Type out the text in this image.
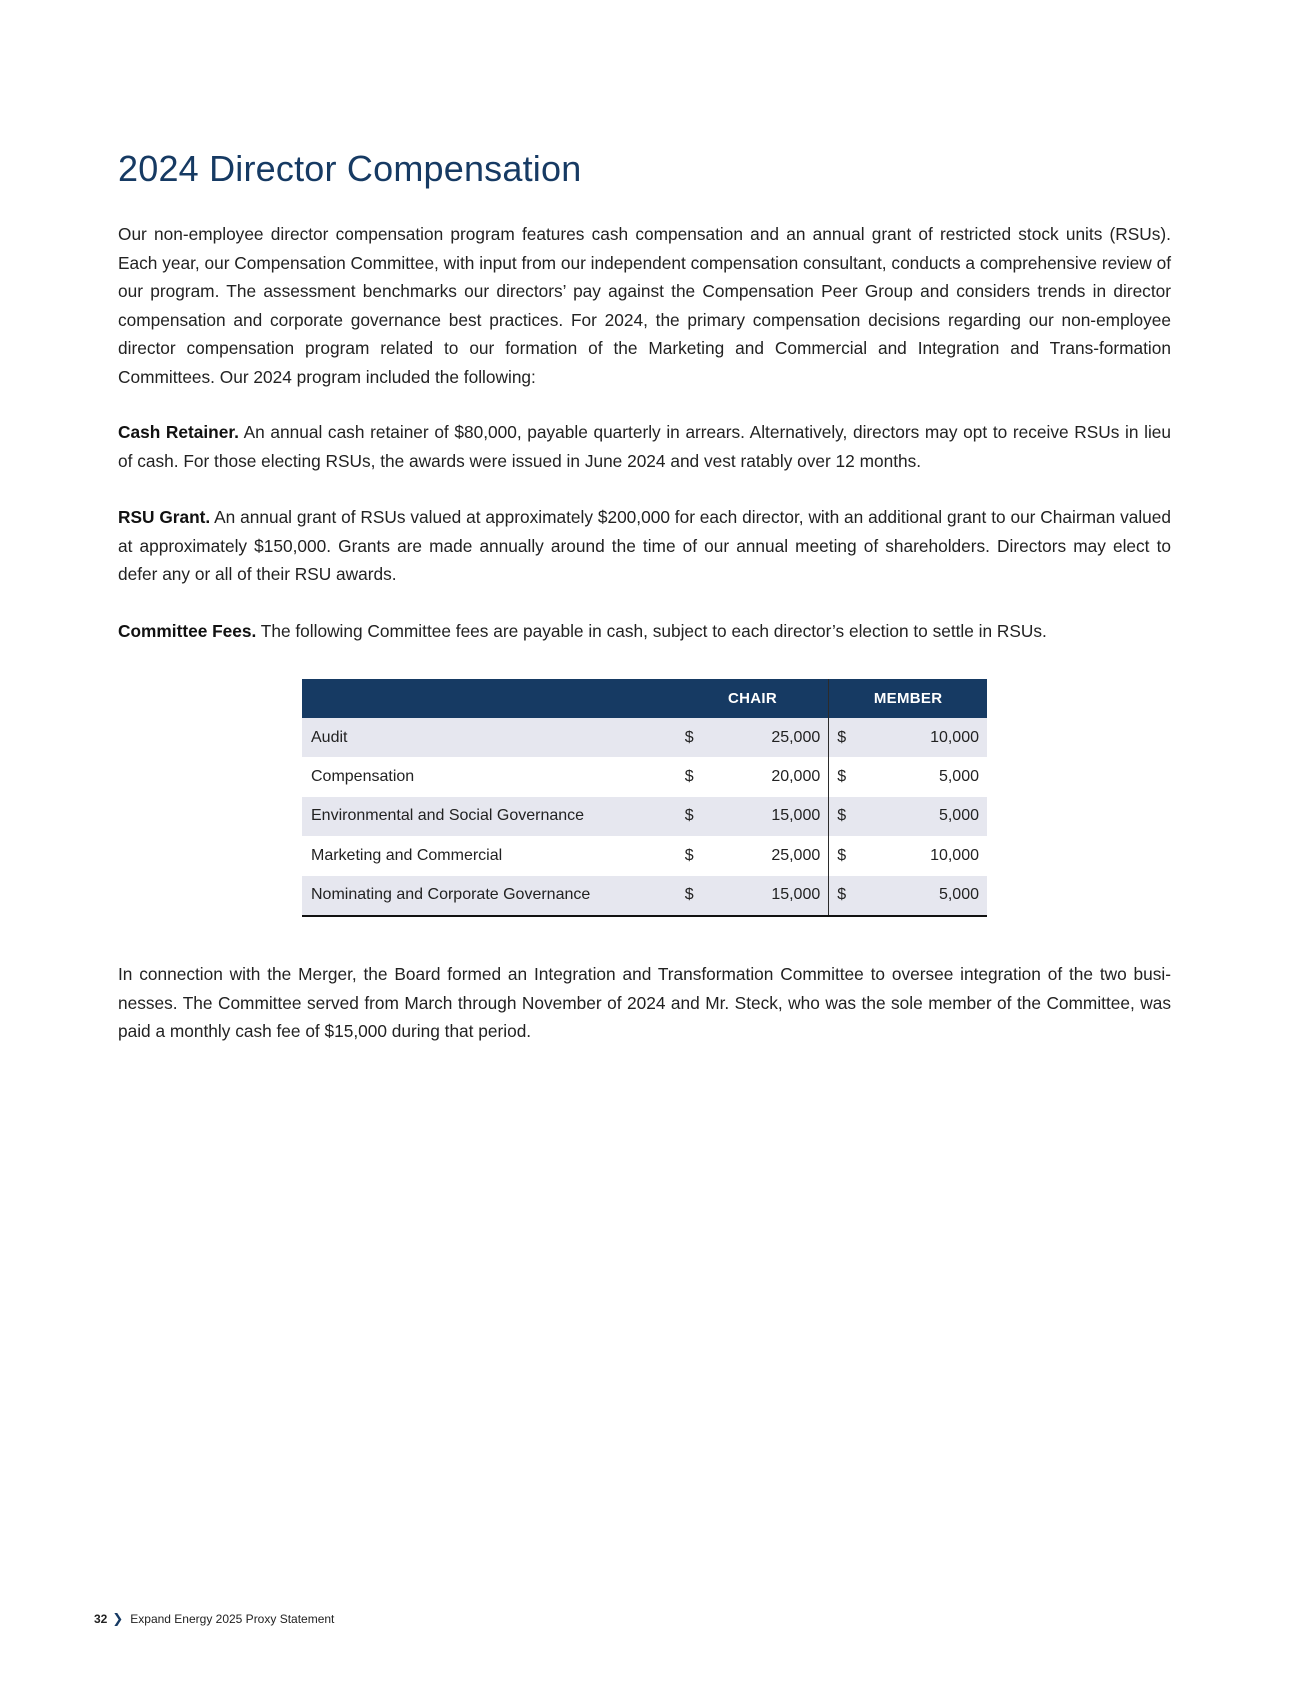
2024 Director Compensation

Our non-employee director compensation program features cash compensation and an annual grant of restricted stock units (RSUs). Each year, our Compensation Committee, with input from our independent compensation consultant, conducts a comprehensive review of our program. The assessment benchmarks our directors’ pay against the Compensation Peer Group and considers trends in director compensation and corporate governance best practices. For 2024, the primary compensation decisions regarding our non-employee director compensation program related to our formation of the Marketing and Commercial and Integration and Trans-formation Committees. Our 2024 program included the following:

Cash Retainer. An annual cash retainer of $80,000, payable quarterly in arrears. Alternatively, directors may opt to receive RSUs in lieu of cash. For those electing RSUs, the awards were issued in June 2024 and vest ratably over 12 months.

RSU Grant. An annual grant of RSUs valued at approximately $200,000 for each director, with an additional grant to our Chairman valued at approximately $150,000. Grants are made annually around the time of our annual meeting of shareholders. Directors may elect to defer any or all of their RSU awards.

Committee Fees. The following Committee fees are payable in cash, subject to each director’s election to settle in RSUs.

	CHAIR		MEMBER	
Audit	$	25,000	$	10,000
Compensation	$	20,000	$	5,000
Environmental and Social Governance	$	15,000	$	5,000
Marketing and Commercial	$	25,000	$	10,000
Nominating and Corporate Governance	$	15,000	$	5,000

In connection with the Merger, the Board formed an Integration and Transformation Committee to oversee integration of the two busi-nesses. The Committee served from March through November of 2024 and Mr. Steck, who was the sole member of the Committee, was paid a monthly cash fee of $15,000 during that period.

32 ❯ Expand Energy 2025 Proxy Statement
